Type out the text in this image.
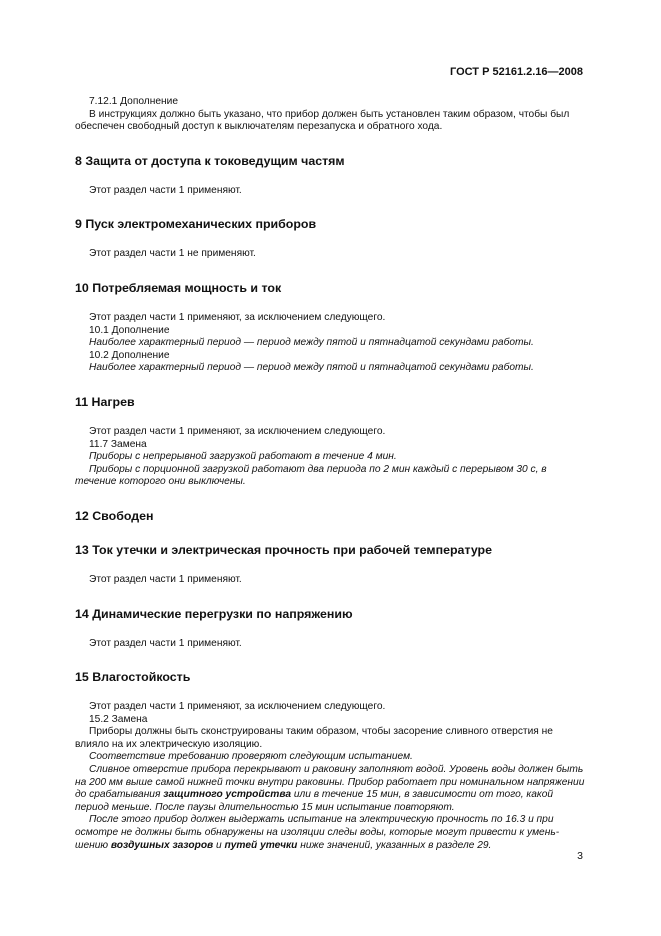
ГОСТ Р 52161.2.16—2008

7.12.1 Дополнение

В инструкциях должно быть указано, что прибор должен быть установлен таким образом, чтобы был обеспечен свободный доступ к выключателям перезапуска и обратного хода.

8 Защита от доступа к токоведущим частям

Этот раздел части 1 применяют.

9 Пуск электромеханических приборов

Этот раздел части 1 не применяют.

10 Потребляемая мощность и ток

Этот раздел части 1 применяют, за исключением следующего.

10.1 Дополнение

Наиболее характерный период — период между пятой и пятнадцатой секундами работы.

10.2 Дополнение

Наиболее характерный период — период между пятой и пятнадцатой секундами работы.

11 Нагрев

Этот раздел части 1 применяют, за исключением следующего.

11.7 Замена

Приборы с непрерывной загрузкой работают в течение 4 мин.

Приборы с порционной загрузкой работают два периода по 2 мин каждый с перерывом 30 с, в течение которого они выключены.

12 Свободен
13 Ток утечки и электрическая прочность при рабочей температуре

Этот раздел части 1 применяют.

14 Динамические перегрузки по напряжению

Этот раздел части 1 применяют.

15 Влагостойкость

Этот раздел части 1 применяют, за исключением следующего.

15.2 Замена

Приборы должны быть сконструированы таким образом, чтобы засорение сливного отверстия не влияло на их электрическую изоляцию.

Соответствие требованию проверяют следующим испытанием.

Сливное отверстие прибора перекрывают и раковину заполняют водой. Уровень воды должен быть на 200 мм выше самой нижней точки внутри раковины. Прибор работает при номинальном напряжении до срабатывания защитного устройства или в течение 15 мин, в зависимости от того, какой период меньше. После паузы длительностью 15 мин испытание повторяют.

После этого прибор должен выдержать испытание на электрическую прочность по 16.3 и при осмотре не должны быть обнаружены на изоляции следы воды, которые могут привести к уменьшению воздушных зазоров и путей утечки ниже значений, указанных в разделе 29.

3
